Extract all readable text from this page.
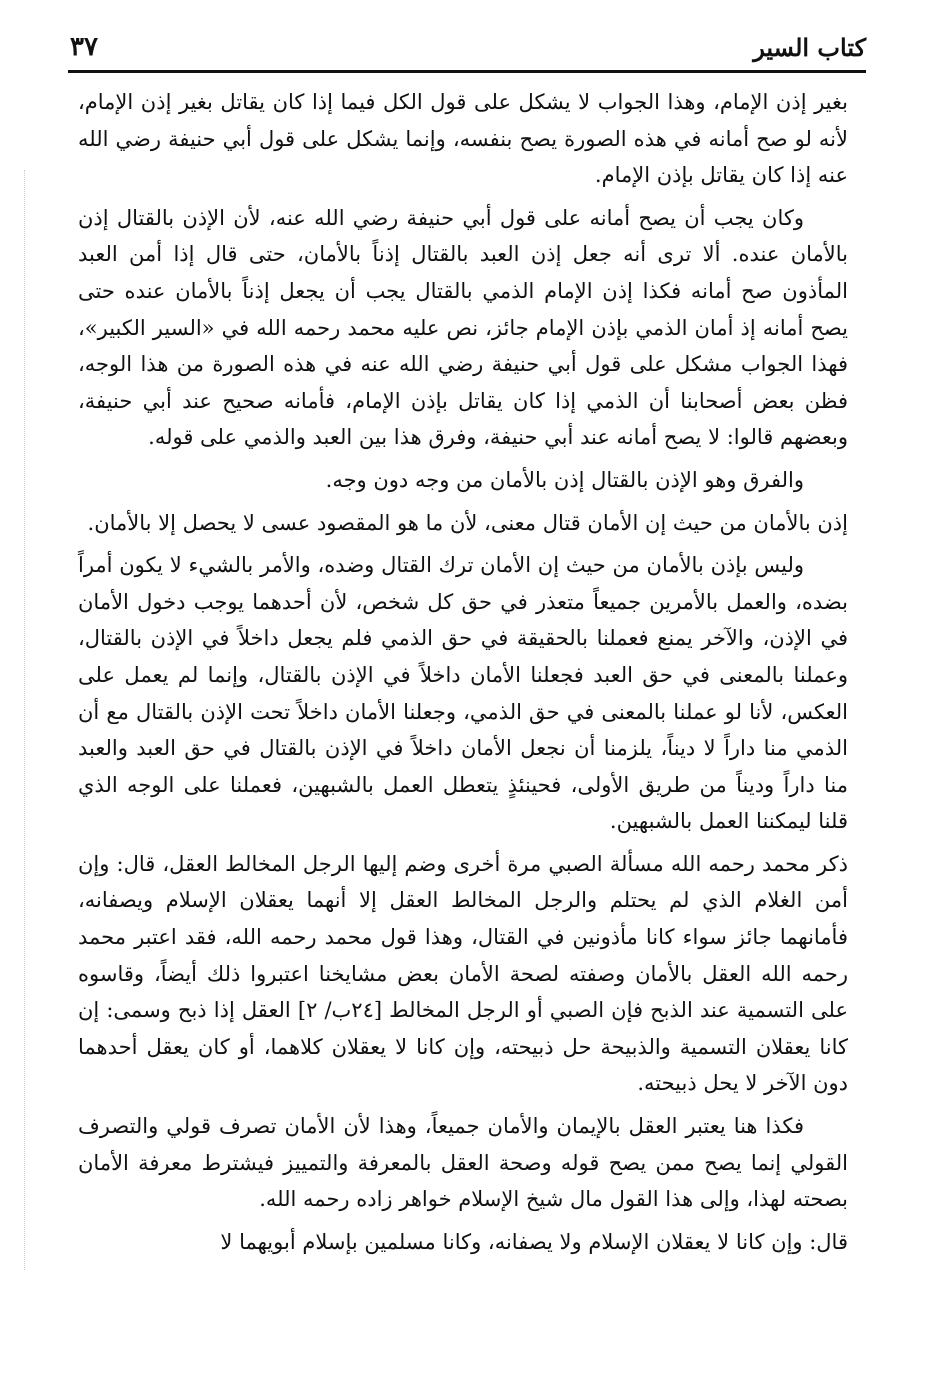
كتاب السير
٣٧

بغير إذن الإمام، وهذا الجواب لا يشكل على قول الكل فيما إذا كان يقاتل بغير إذن الإمام، لأنه لو صح أمانه في هذه الصورة يصح بنفسه، وإنما يشكل على قول أبي حنيفة رضي الله عنه إذا كان يقاتل بإذن الإمام.

وكان يجب أن يصح أمانه على قول أبي حنيفة رضي الله عنه، لأن الإذن بالقتال إذن بالأمان عنده. ألا ترى أنه جعل إذن العبد بالقتال إذناً بالأمان، حتى قال إذا أمن العبد المأذون صح أمانه فكذا إذن الإمام الذمي بالقتال يجب أن يجعل إذناً بالأمان عنده حتى يصح أمانه إذ أمان الذمي بإذن الإمام جائز، نص عليه محمد رحمه الله في «السير الكبير»، فهذا الجواب مشكل على قول أبي حنيفة رضي الله عنه في هذه الصورة من هذا الوجه، فظن بعض أصحابنا أن الذمي إذا كان يقاتل بإذن الإمام، فأمانه صحيح عند أبي حنيفة، وبعضهم قالوا: لا يصح أمانه عند أبي حنيفة، وفرق هذا بين العبد والذمي على قوله.

والفرق وهو الإذن بالقتال إذن بالأمان من وجه دون وجه.

إذن بالأمان من حيث إن الأمان قتال معنى، لأن ما هو المقصود عسى لا يحصل إلا بالأمان.

وليس بإذن بالأمان من حيث إن الأمان ترك القتال وضده، والأمر بالشيء لا يكون أمراً بضده، والعمل بالأمرين جميعاً متعذر في حق كل شخص، لأن أحدهما يوجب دخول الأمان في الإذن، والآخر يمنع فعملنا بالحقيقة في حق الذمي فلم يجعل داخلاً في الإذن بالقتال، وعملنا بالمعنى في حق العبد فجعلنا الأمان داخلاً في الإذن بالقتال، وإنما لم يعمل على العكس، لأنا لو عملنا بالمعنى في حق الذمي، وجعلنا الأمان داخلاً تحت الإذن بالقتال مع أن الذمي منا داراً لا ديناً، يلزمنا أن نجعل الأمان داخلاً في الإذن بالقتال في حق العبد والعبد منا داراً وديناً من طريق الأولى، فحينئذٍ يتعطل العمل بالشبهين، فعملنا على الوجه الذي قلنا ليمكننا العمل بالشبهين.

ذكر محمد رحمه الله مسألة الصبي مرة أخرى وضم إليها الرجل المخالط العقل، قال: وإن أمن الغلام الذي لم يحتلم والرجل المخالط العقل إلا أنهما يعقلان الإسلام ويصفانه، فأمانهما جائز سواء كانا مأذونين في القتال، وهذا قول محمد رحمه الله، فقد اعتبر محمد رحمه الله العقل بالأمان وصفته لصحة الأمان بعض مشايخنا اعتبروا ذلك أيضاً، وقاسوه على التسمية عند الذبح فإن الصبي أو الرجل المخالط [٢٤ب/ ٢] العقل إذا ذبح وسمى: إن كانا يعقلان التسمية والذبيحة حل ذبيحته، وإن كانا لا يعقلان كلاهما، أو كان يعقل أحدهما دون الآخر لا يحل ذبيحته.

فكذا هنا يعتبر العقل بالإيمان والأمان جميعاً، وهذا لأن الأمان تصرف قولي والتصرف القولي إنما يصح ممن يصح قوله وصحة العقل بالمعرفة والتمييز فيشترط معرفة الأمان بصحته لهذا، وإلى هذا القول مال شيخ الإسلام خواهر زاده رحمه الله.

قال: وإن كانا لا يعقلان الإسلام ولا يصفانه، وكانا مسلمين بإسلام أبويهما لا
